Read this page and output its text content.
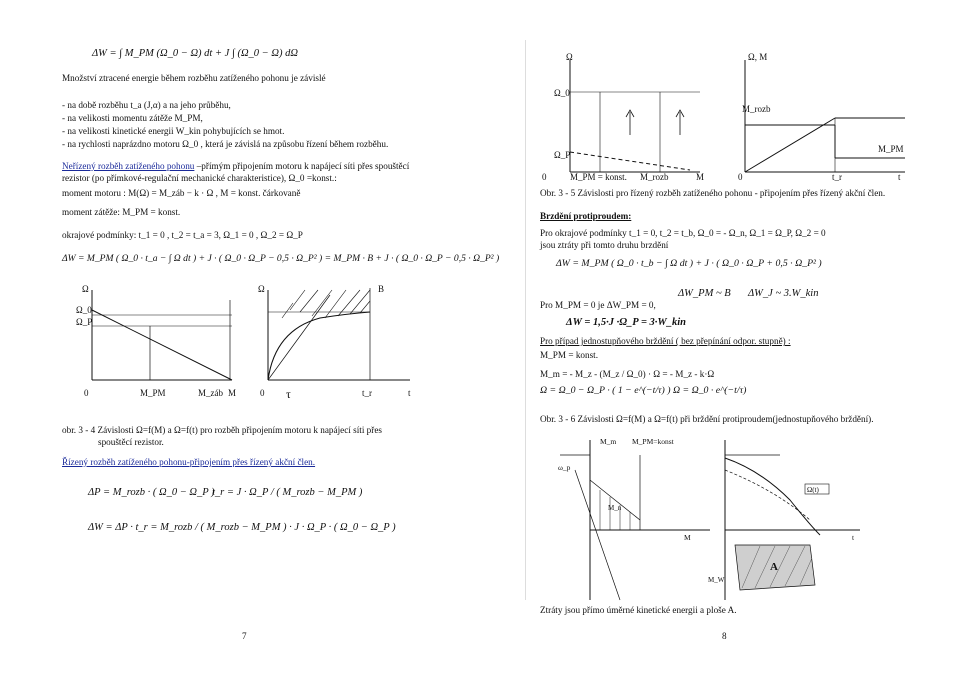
ΔW = ∫ M_PM (Ω_0 − Ω) dt + J ∫ (Ω_0 − Ω) dΩ
Množství ztracené energie během rozběhu zatíženého pohonu je závislé
- na době rozběhu t_a (J,α) a na jeho průběhu,
- na velikosti momentu zátěže M_PM,
- na velikosti kinetické energii W_kin pohybujících se hmot.
- na rychlosti naprázdno motoru Ω_0 , která je závislá na způsobu řízení během rozběhu.
Neřízený rozběh zatíženého pohonu –přímým připojením motoru k napájecí síti přes spouštěcí
rezistor (po přímkové-regulační mechanické charakteristice), Ω_0 =konst.:
moment motoru : M(Ω) = M_záb − k · Ω , M = konst. čárkovaně
moment zátěže: M_PM = konst.
okrajové podmínky: t_1 = 0 , t_2 = t_a = 3, Ω_1 = 0 , Ω_2 = Ω_P
ΔW = M_PM ( Ω_0 · t_a − ∫ Ω dt ) + J · ( Ω_0 · Ω_P − 0,5 · Ω_P² ) = M_PM · B + J · ( Ω_0 · Ω_P − 0,5 · Ω_P² )
Ω
Ω_0
Ω_P
0	M_PM	M_záb M
Ω	B
0 τ	t_r	t
obr. 3 - 4 Závislosti Ω=f(M) a Ω=f(t) pro rozběh připojením motoru k napájecí síti přes
spouštěcí rezistor.
Řízený rozběh zatíženého pohonu-připojením přes řízený akční člen.
ΔP = M_rozb · ( Ω_0 − Ω_P )
t_r = J · Ω_P / ( M_rozb − M_PM )
ΔW = ΔP · t_r = M_rozb / ( M_rozb − M_PM ) · J · Ω_P · ( Ω_0 − Ω_P )
7
Ω
Ω_0
Ω_P
0	M_PM = konst. M_rozb	M
Ω, M
M_rozb
M_PM
0	t_r	t
Obr. 3 - 5 Závislosti pro řízený rozběh zatíženého pohonu - připojením přes řízený akční člen.
Brzdění protiproudem:
Pro okrajové podmínky t_1 = 0, t_2 = t_b, Ω_0 = - Ω_n, Ω_1 = Ω_P, Ω_2 = 0
jsou ztráty při tomto druhu brzdění
ΔW = M_PM ( Ω_0 · t_b − ∫ Ω dt ) + J · ( Ω_0 · Ω_P + 0,5 · Ω_P² )
ΔW_PM ~ B ΔW_J ~ 3.W_kin
Pro M_PM = 0 je ΔW_PM = 0,
ΔW = 1,5·J ·Ω_P = 3·W_kin
Pro případ jednostupňového brždění ( bez přepínání odpor. stupně) :
M_PM = konst.
M_m = - M_z - (M_z / Ω_0) · Ω = - M_z - k·Ω
Ω = Ω_0 − Ω_P · ( 1 − e^(−t/τ) ) Ω = Ω_0 · e^(−t/τ)
Obr. 3 - 6 Závislosti Ω=f(M) a Ω=f(t) při brždění protiproudem(jednostupňového brždění).
M_m M_PM=konst
ω_p
M
M_n
Ω(t)
t
A
M_W
Ztráty jsou přímo úměrné kinetické energii a ploše A.
8
